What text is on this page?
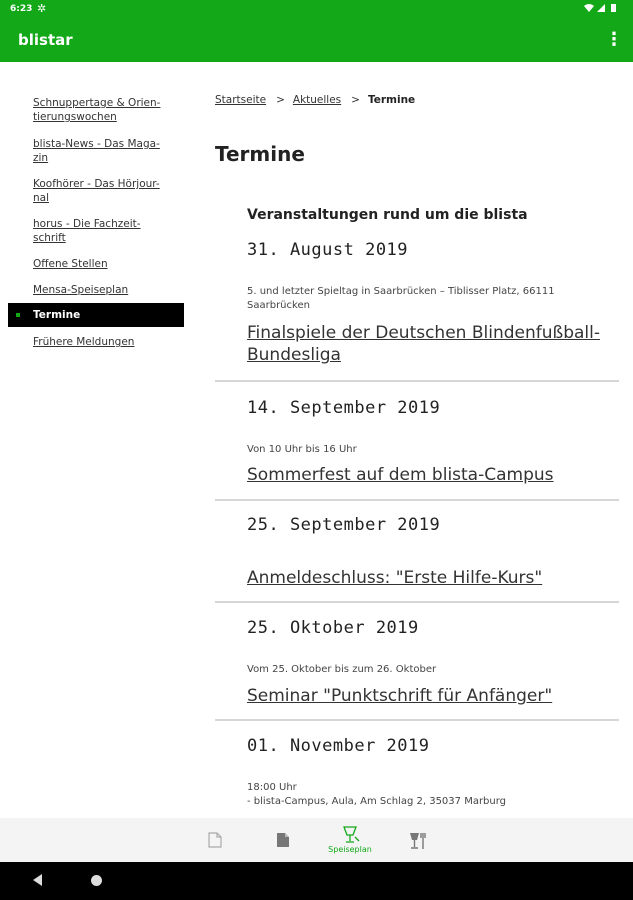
6:23 ✲
blistar	⋮
Schnuppertage & Orien-
tierungswochen
blista-News - Das Maga-
zin
Koofhörer - Das Hörjour-
nal
horus - Die Fachzeit-
schrift
Offene Stellen
Mensa-Speiseplan
Termine
Frühere Meldungen
Startseite > Aktuelles > Termine
Termine
Veranstaltungen rund um die blista
31. August 2019
5. und letzter Spieltag in Saarbrücken – Tiblisser Platz, 66111 Saarbrücken
Finalspiele der Deutschen Blindenfußball-Bundesliga
14. September 2019
Von 10 Uhr bis 16 Uhr
Sommerfest auf dem blista-Campus
25. September 2019
Anmeldeschluss: "Erste Hilfe-Kurs"
25. Oktober 2019
Vom 25. Oktober bis zum 26. Oktober
Seminar "Punktschrift für Anfänger"
01. November 2019
18:00 Uhr
- blista-Campus, Aula, Am Schlag 2, 35037 Marburg
Speiseplan
